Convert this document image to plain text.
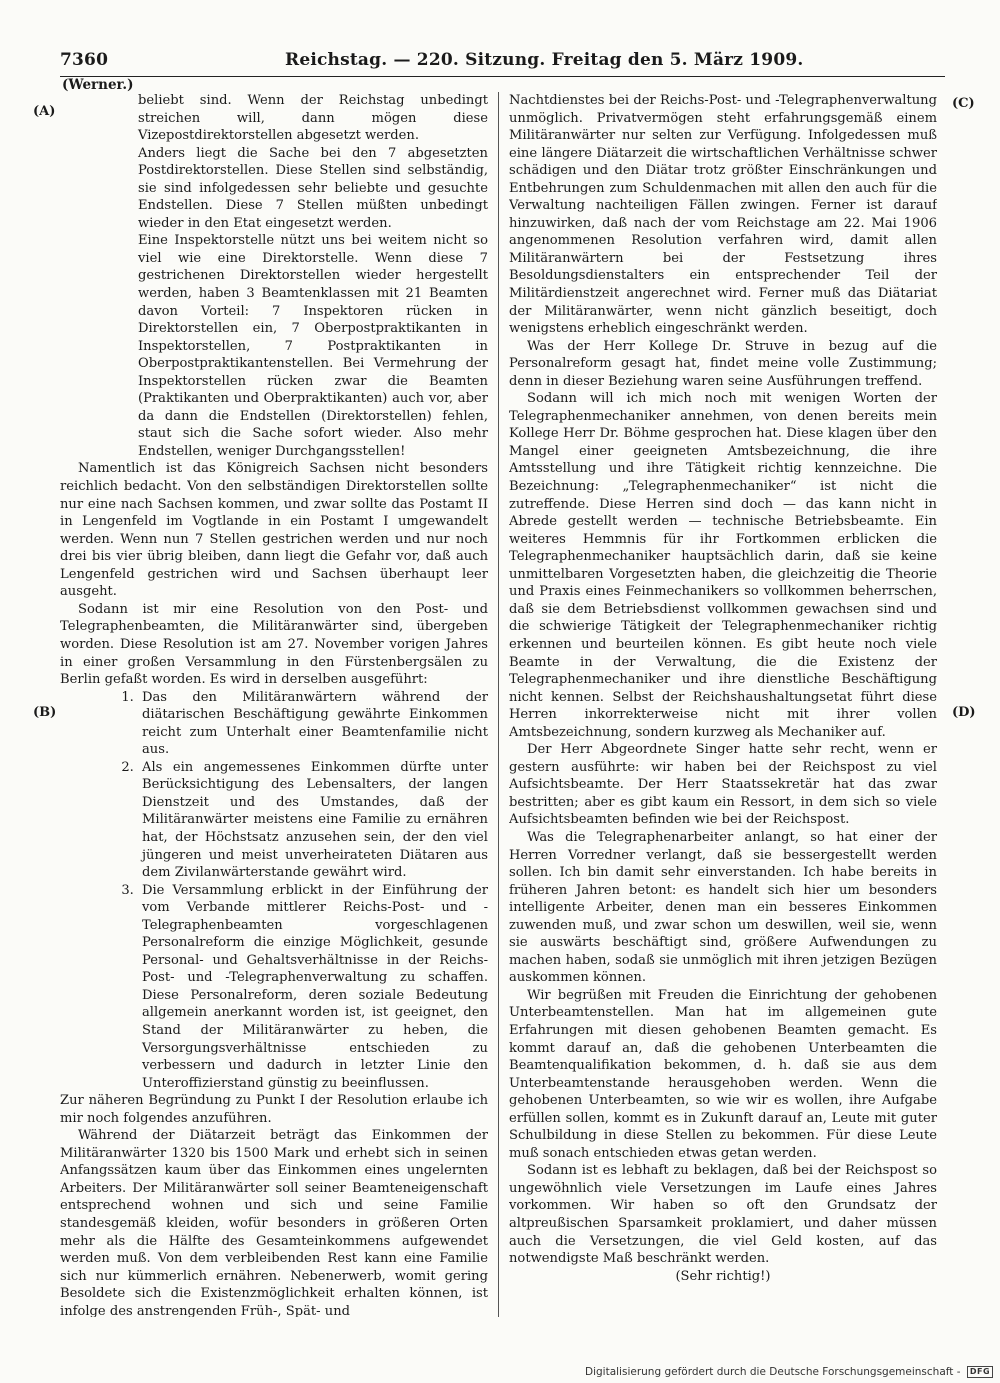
7360	Reichstag. — 220. Sitzung. Freitag den 5. März 1909.
(Werner.)
(A)
(B)
(C)
(D)

beliebt sind. Wenn der Reichstag unbedingt streichen will, dann mögen diese Vizepostdirektorstellen abgesetzt werden.

Anders liegt die Sache bei den 7 abgesetzten Postdirektorstellen. Diese Stellen sind selbständig, sie sind infolgedessen sehr beliebte und gesuchte Endstellen. Diese 7 Stellen müßten unbedingt wieder in den Etat eingesetzt werden.

Eine Inspektorstelle nützt uns bei weitem nicht so viel wie eine Direktorstelle. Wenn diese 7 gestrichenen Direktorstellen wieder hergestellt werden, haben 3 Beamtenklassen mit 21 Beamten davon Vorteil: 7 Inspektoren rücken in Direktorstellen ein, 7 Oberpostpraktikanten in Inspektorstellen, 7 Postpraktikanten in Oberpostpraktikantenstellen. Bei Vermehrung der Inspektorstellen rücken zwar die Beamten (Praktikanten und Oberpraktikanten) auch vor, aber da dann die Endstellen (Direktorstellen) fehlen, staut sich die Sache sofort wieder. Also mehr Endstellen, weniger Durchgangsstellen!

Namentlich ist das Königreich Sachsen nicht besonders reichlich bedacht. Von den selbständigen Direktorstellen sollte nur eine nach Sachsen kommen, und zwar sollte das Postamt II in Lengenfeld im Vogtlande in ein Postamt I umgewandelt werden. Wenn nun 7 Stellen gestrichen werden und nur noch drei bis vier übrig bleiben, dann liegt die Gefahr vor, daß auch Lengenfeld gestrichen wird und Sachsen überhaupt leer ausgeht.

Sodann ist mir eine Resolution von den Post- und Telegraphenbeamten, die Militäranwärter sind, übergeben worden. Diese Resolution ist am 27. November vorigen Jahres in einer großen Versammlung in den Fürstenbergsälen zu Berlin gefaßt worden. Es wird in derselben ausgeführt:

1. Das den Militäranwärtern während der diätarischen Beschäftigung gewährte Einkommen reicht zum Unterhalt einer Beamtenfamilie nicht aus.
2. Als ein angemessenes Einkommen dürfte unter Berücksichtigung des Lebensalters, der langen Dienstzeit und des Umstandes, daß der Militäranwärter meistens eine Familie zu ernähren hat, der Höchstsatz anzusehen sein, der den viel jüngeren und meist unverheirateten Diätaren aus dem Zivilanwärterstande gewährt wird.
3. Die Versammlung erblickt in der Einführung der vom Verbande mittlerer Reichs-Post- und -Telegraphenbeamten vorgeschlagenen Personalreform die einzige Möglichkeit, gesunde Personal- und Gehaltsverhältnisse in der Reichs-Post- und -Telegraphenverwaltung zu schaffen. Diese Personalreform, deren soziale Bedeutung allgemein anerkannt worden ist, ist geeignet, den Stand der Militäranwärter zu heben, die Versorgungsverhältnisse entschieden zu verbessern und dadurch in letzter Linie den Unteroffizierstand günstig zu beeinflussen.

Zur näheren Begründung zu Punkt I der Resolution erlaube ich mir noch folgendes anzuführen.

Während der Diätarzeit beträgt das Einkommen der Militäranwärter 1320 bis 1500 Mark und erhebt sich in seinen Anfangssätzen kaum über das Einkommen eines ungelernten Arbeiters. Der Militäranwärter soll seiner Beamteneigenschaft entsprechend wohnen und sich und seine Familie standesgemäß kleiden, wofür besonders in größeren Orten mehr als die Hälfte des Gesamteinkommens aufgewendet werden muß. Von dem verbleibenden Rest kann eine Familie sich nur kümmerlich ernähren. Nebenerwerb, womit gering Besoldete sich die Existenzmöglichkeit erhalten können, ist infolge des anstrengenden Früh-, Spät- und

Nachtdienstes bei der Reichs-Post- und -Telegraphenverwaltung unmöglich. Privatvermögen steht erfahrungsgemäß einem Militäranwärter nur selten zur Verfügung. Infolgedessen muß eine längere Diätarzeit die wirtschaftlichen Verhältnisse schwer schädigen und den Diätar trotz größter Einschränkungen und Entbehrungen zum Schuldenmachen mit allen den auch für die Verwaltung nachteiligen Fällen zwingen. Ferner ist darauf hinzuwirken, daß nach der vom Reichstage am 22. Mai 1906 angenommenen Resolution verfahren wird, damit allen Militäranwärtern bei der Festsetzung ihres Besoldungsdienstalters ein entsprechender Teil der Militärdienstzeit angerechnet wird. Ferner muß das Diätariat der Militäranwärter, wenn nicht gänzlich beseitigt, doch wenigstens erheblich eingeschränkt werden.

Was der Herr Kollege Dr. Struve in bezug auf die Personalreform gesagt hat, findet meine volle Zustimmung; denn in dieser Beziehung waren seine Ausführungen treffend.

Sodann will ich mich noch mit wenigen Worten der Telegraphenmechaniker annehmen, von denen bereits mein Kollege Herr Dr. Böhme gesprochen hat. Diese klagen über den Mangel einer geeigneten Amtsbezeichnung, die ihre Amtsstellung und ihre Tätigkeit richtig kennzeichne. Die Bezeichnung: „Telegraphenmechaniker“ ist nicht die zutreffende. Diese Herren sind doch — das kann nicht in Abrede gestellt werden — technische Betriebsbeamte. Ein weiteres Hemmnis für ihr Fortkommen erblicken die Telegraphenmechaniker hauptsächlich darin, daß sie keine unmittelbaren Vorgesetzten haben, die gleichzeitig die Theorie und Praxis eines Feinmechanikers so vollkommen beherrschen, daß sie dem Betriebsdienst vollkommen gewachsen sind und die schwierige Tätigkeit der Telegraphenmechaniker richtig erkennen und beurteilen können. Es gibt heute noch viele Beamte in der Verwaltung, die die Existenz der Telegraphenmechaniker und ihre dienstliche Beschäftigung nicht kennen. Selbst der Reichshaushaltungsetat führt diese Herren inkorrekterweise nicht mit ihrer vollen Amtsbezeichnung, sondern kurzweg als Mechaniker auf.

Der Herr Abgeordnete Singer hatte sehr recht, wenn er gestern ausführte: wir haben bei der Reichspost zu viel Aufsichtsbeamte. Der Herr Staatssekretär hat das zwar bestritten; aber es gibt kaum ein Ressort, in dem sich so viele Aufsichtsbeamten befinden wie bei der Reichspost.

Was die Telegraphenarbeiter anlangt, so hat einer der Herren Vorredner verlangt, daß sie bessergestellt werden sollen. Ich bin damit sehr einverstanden. Ich habe bereits in früheren Jahren betont: es handelt sich hier um besonders intelligente Arbeiter, denen man ein besseres Einkommen zuwenden muß, und zwar schon um deswillen, weil sie, wenn sie auswärts beschäftigt sind, größere Aufwendungen zu machen haben, sodaß sie unmöglich mit ihren jetzigen Bezügen auskommen können.

Wir begrüßen mit Freuden die Einrichtung der gehobenen Unterbeamtenstellen. Man hat im allgemeinen gute Erfahrungen mit diesen gehobenen Beamten gemacht. Es kommt darauf an, daß die gehobenen Unterbeamten die Beamtenqualifikation bekommen, d. h. daß sie aus dem Unterbeamtenstande herausgehoben werden. Wenn die gehobenen Unterbeamten, so wie wir es wollen, ihre Aufgabe erfüllen sollen, kommt es in Zukunft darauf an, Leute mit guter Schulbildung in diese Stellen zu bekommen. Für diese Leute muß sonach entschieden etwas getan werden.

Sodann ist es lebhaft zu beklagen, daß bei der Reichspost so ungewöhnlich viele Versetzungen im Laufe eines Jahres vorkommen. Wir haben so oft den Grundsatz der altpreußischen Sparsamkeit proklamiert, und daher müssen auch die Versetzungen, die viel Geld kosten, auf das notwendigste Maß beschränkt werden.

(Sehr richtig!)

Digitalisierung gefördert durch die Deutsche Forschungsgemeinschaft - DFG
